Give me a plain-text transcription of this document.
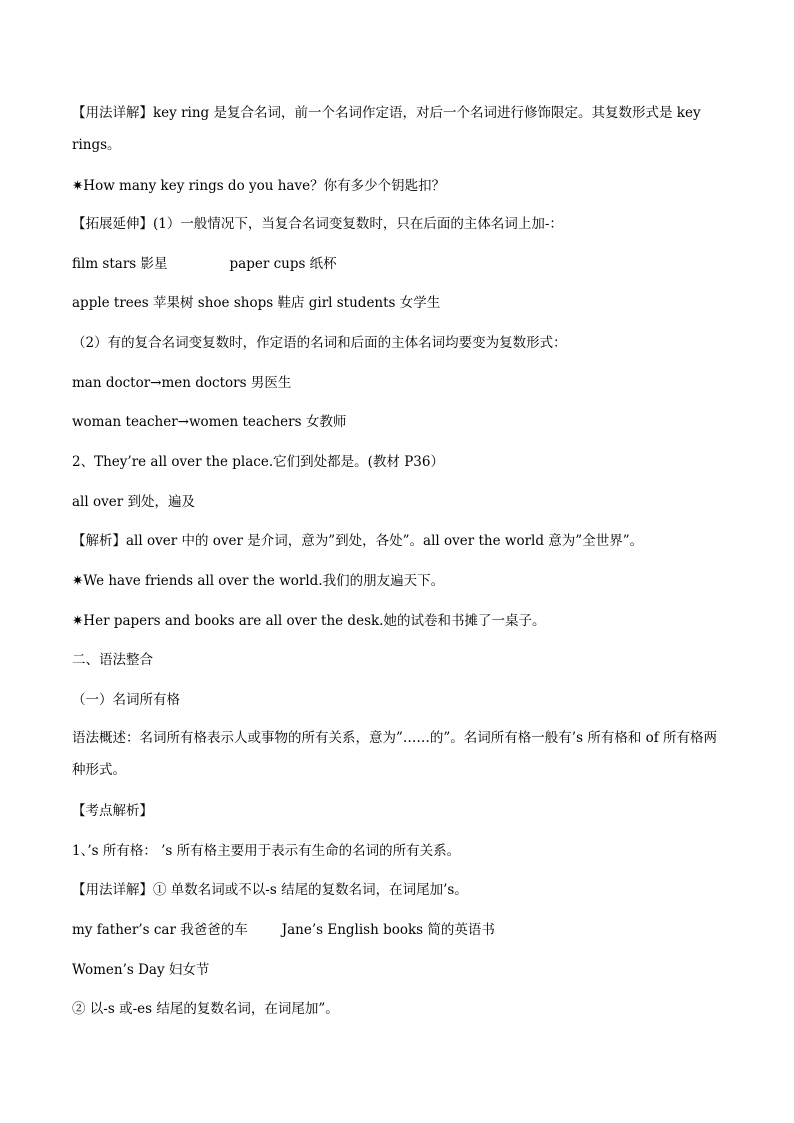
【用法详解】key ring 是复合名词，前一个名词作定语，对后一个名词进行修饰限定。其复数形式是 key rings。
✷How many key rings do you have？你有多少个钥匙扣？
【拓展延伸】(1）一般情况下，当复合名词变复数时，只在后面的主体名词上加-：
film stars 影星	paper cups 纸杯
apple trees 苹果树 shoe shops 鞋店 girl students 女学生
（2）有的复合名词变复数时，作定语的名词和后面的主体名词均要变为复数形式：
man doctor→men doctors 男医生
woman teacher→women teachers 女教师
2、They’re all over the place.它们到处都是。(教材 P36）
all over 到处，遍及
【解析】all over 中的 over 是介词，意为”到处，各处”。all over the world 意为”全世界”。
✷We have friends all over the world.我们的朋友遍天下。
✷Her papers and books are all over the desk.她的试卷和书摊了一桌子。
二、语法整合
（一）名词所有格
语法概述：名词所有格表示人或事物的所有关系，意为”……的”。名词所有格一般有’s 所有格和 of 所有格两种形式。
【考点解析】
1、’s 所有格： ’s 所有格主要用于表示有生命的名词的所有关系。
【用法详解】① 单数名词或不以-s 结尾的复数名词，在词尾加’s。
my father’s car 我爸爸的车	Jane’s English books 简的英语书
Women’s Day 妇女节
② 以-s 或-es 结尾的复数名词，在词尾加”。
